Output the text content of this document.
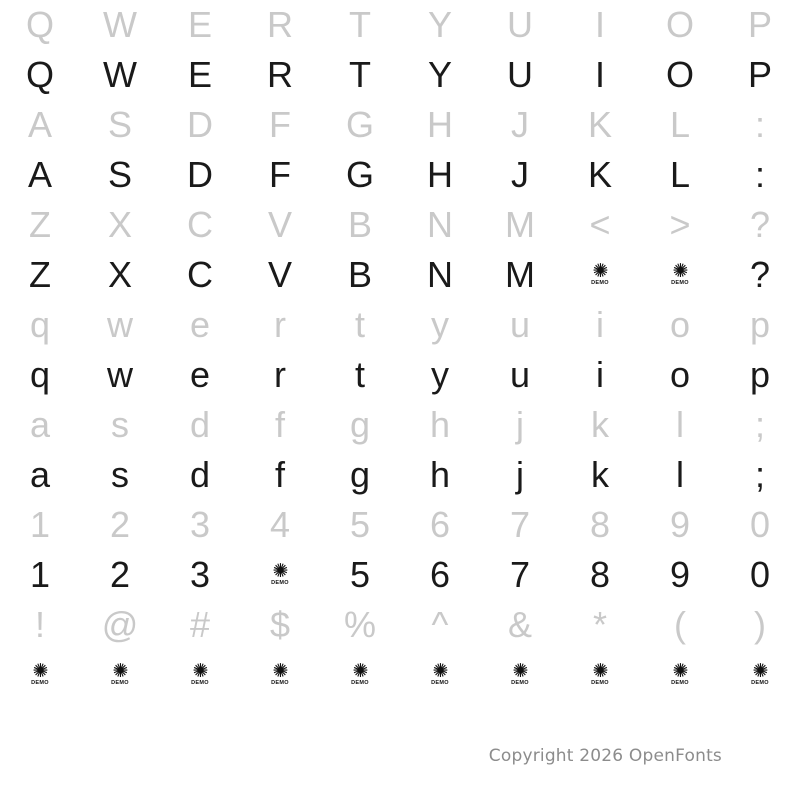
Q W E R T Y U I O P
Q W E R T Y U I O P
A S D F G H J K L :
A S D F G H J K L :
Z X C V B N M < > ?
Z X C V B N M	✺
DEMO
✺
DEMO ?
q w e r t y u i o p
q w e r t y u i o p
a s d f g h j k l ;
a s d f g h j k l ;
1 2 3 4 5 6 7 8 9 0
1 2 3	✺
DEMO 5 6 7 8 9 0
! @ # $ % ^ & * ( )
✺
DEMO
✺
DEMO
✺
DEMO
✺
DEMO
✺
DEMO
✺
DEMO
✺
DEMO
✺
DEMO
✺
DEMO
✺
DEMO
Copyright 2026 OpenFonts
